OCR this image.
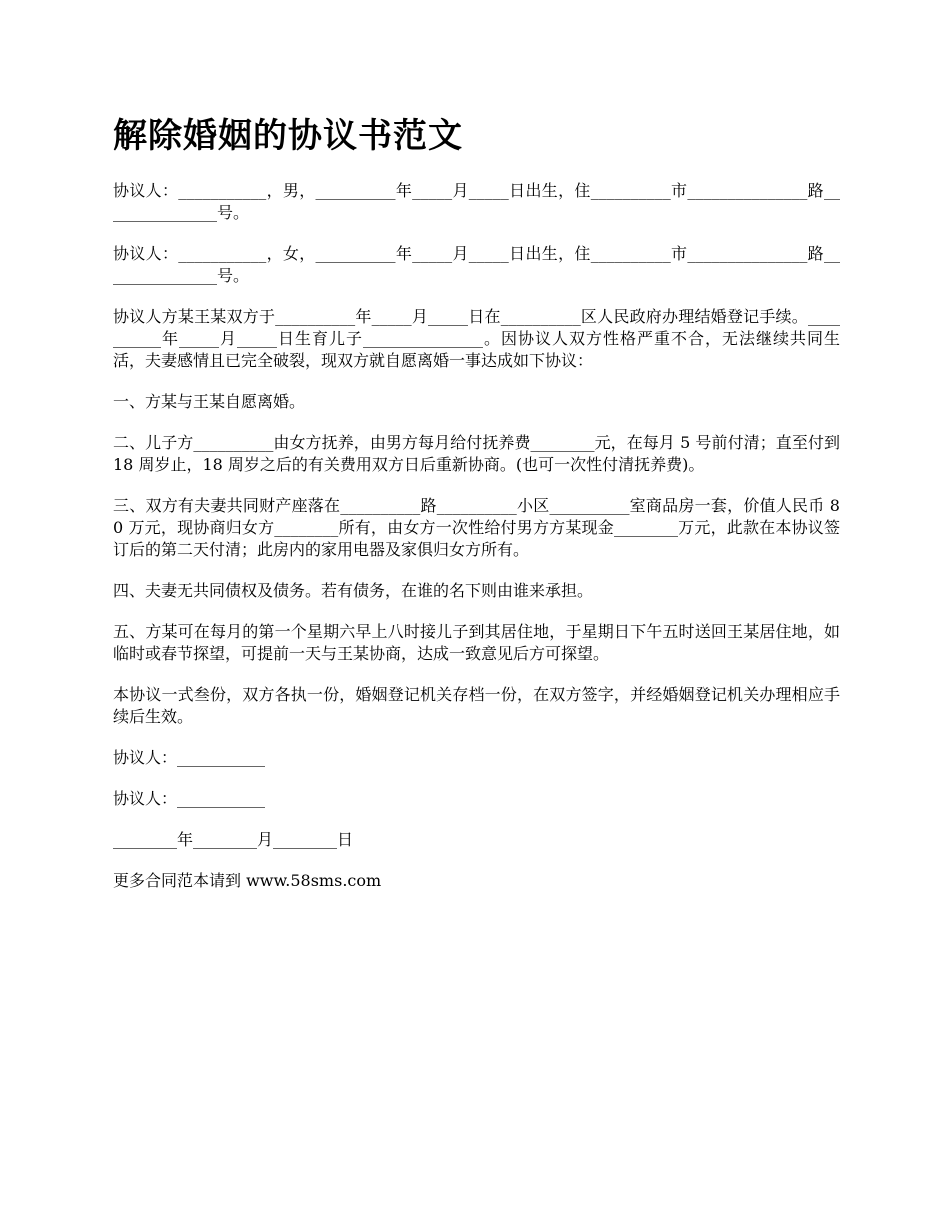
解除婚姻的协议书范文

协议人：___________，男，__________年_____月_____日出生，住__________市_______________路_______________号。

协议人：___________，女，__________年_____月_____日出生，住__________市_______________路_______________号。

协议人方某王某双方于__________年_____月_____日在__________区人民政府办理结婚登记手续。__________年_____月_____日生育儿子_______________。因协议人双方性格严重不合，无法继续共同生活，夫妻感情且已完全破裂，现双方就自愿离婚一事达成如下协议：

一、方某与王某自愿离婚。

二、儿子方__________由女方抚养，由男方每月给付抚养费________元，在每月 5 号前付清；直至付到 18 周岁止，18 周岁之后的有关费用双方日后重新协商。(也可一次性付清抚养费)。

三、双方有夫妻共同财产座落在__________路__________小区__________室商品房一套，价值人民币 80 万元，现协商归女方________所有，由女方一次性给付男方方某现金________万元，此款在本协议签订后的第二天付清；此房内的家用电器及家俱归女方所有。

四、夫妻无共同债权及债务。若有债务，在谁的名下则由谁来承担。

五、方某可在每月的第一个星期六早上八时接儿子到其居住地，于星期日下午五时送回王某居住地，如临时或春节探望，可提前一天与王某协商，达成一致意见后方可探望。

本协议一式叁份，双方各执一份，婚姻登记机关存档一份，在双方签字，并经婚姻登记机关办理相应手续后生效。

协议人：___________

协议人：___________

________年________月________日

更多合同范本请到 www.58sms.com
